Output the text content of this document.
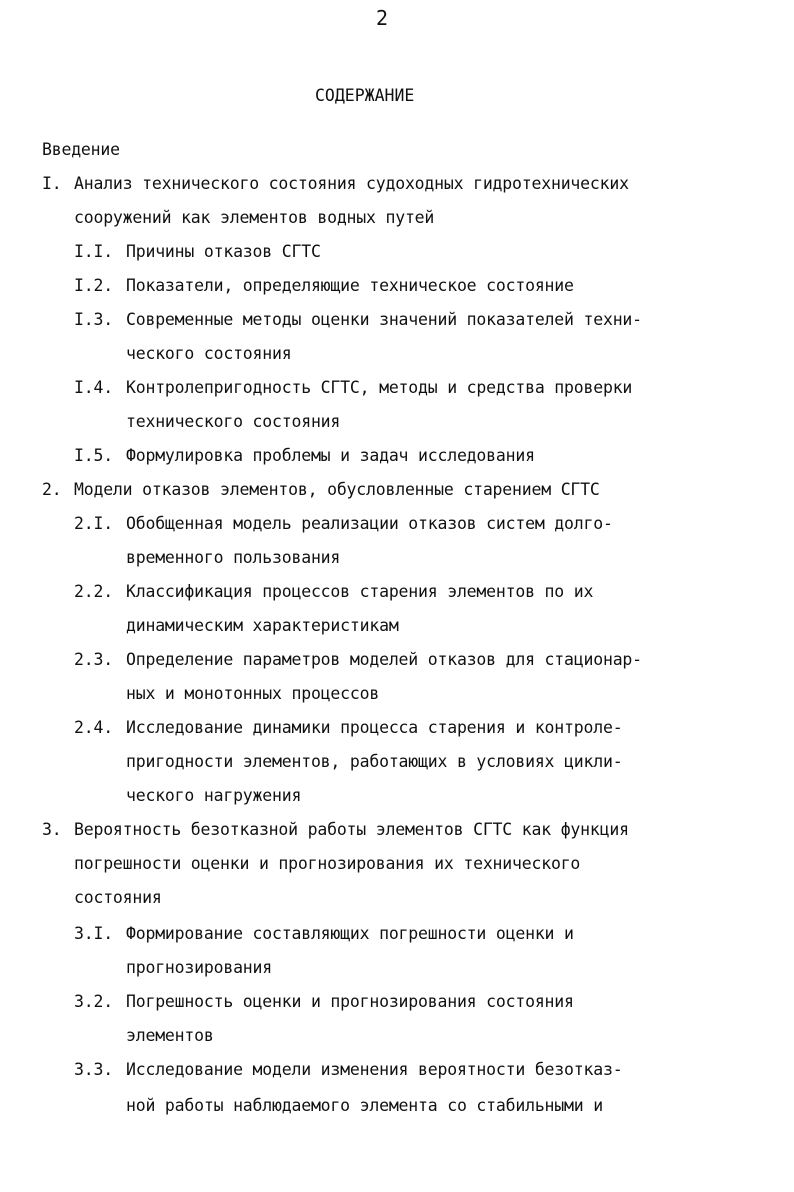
2
СОДЕРЖАНИЕ
Введение
I. Анализ технического состояния судоходных гидротехнических
сооружений как элементов водных путей
I.I. Причины отказов СГТС
I.2. Показатели, определяющие техническое состояние
I.3. Современные методы оценки значений показателей техни-
ческого состояния
I.4. Контролепригодность СГТС, методы и средства проверки
технического состояния
I.5. Формулировка проблемы и задач исследования
2. Модели отказов элементов, обусловленные старением СГТС
2.I. Обобщенная модель реализации отказов систем долго-
временного пользования
2.2. Классификация процессов старения элементов по их
динамическим характеристикам
2.3. Определение параметров моделей отказов для стационар-
ных и монотонных процессов
2.4. Исследование динамики процесса старения и контроле-
пригодности элементов, работающих в условиях цикли-
ческого нагружения
3. Вероятность безотказной работы элементов СГТС как функция
погрешности оценки и прогнозирования их технического
состояния
3.I. Формирование составляющих погрешности оценки и
прогнозирования
3.2. Погрешность оценки и прогнозирования состояния
элементов
3.3. Исследование модели изменения вероятности безотказ-
ной работы наблюдаемого элемента со стабильными и
